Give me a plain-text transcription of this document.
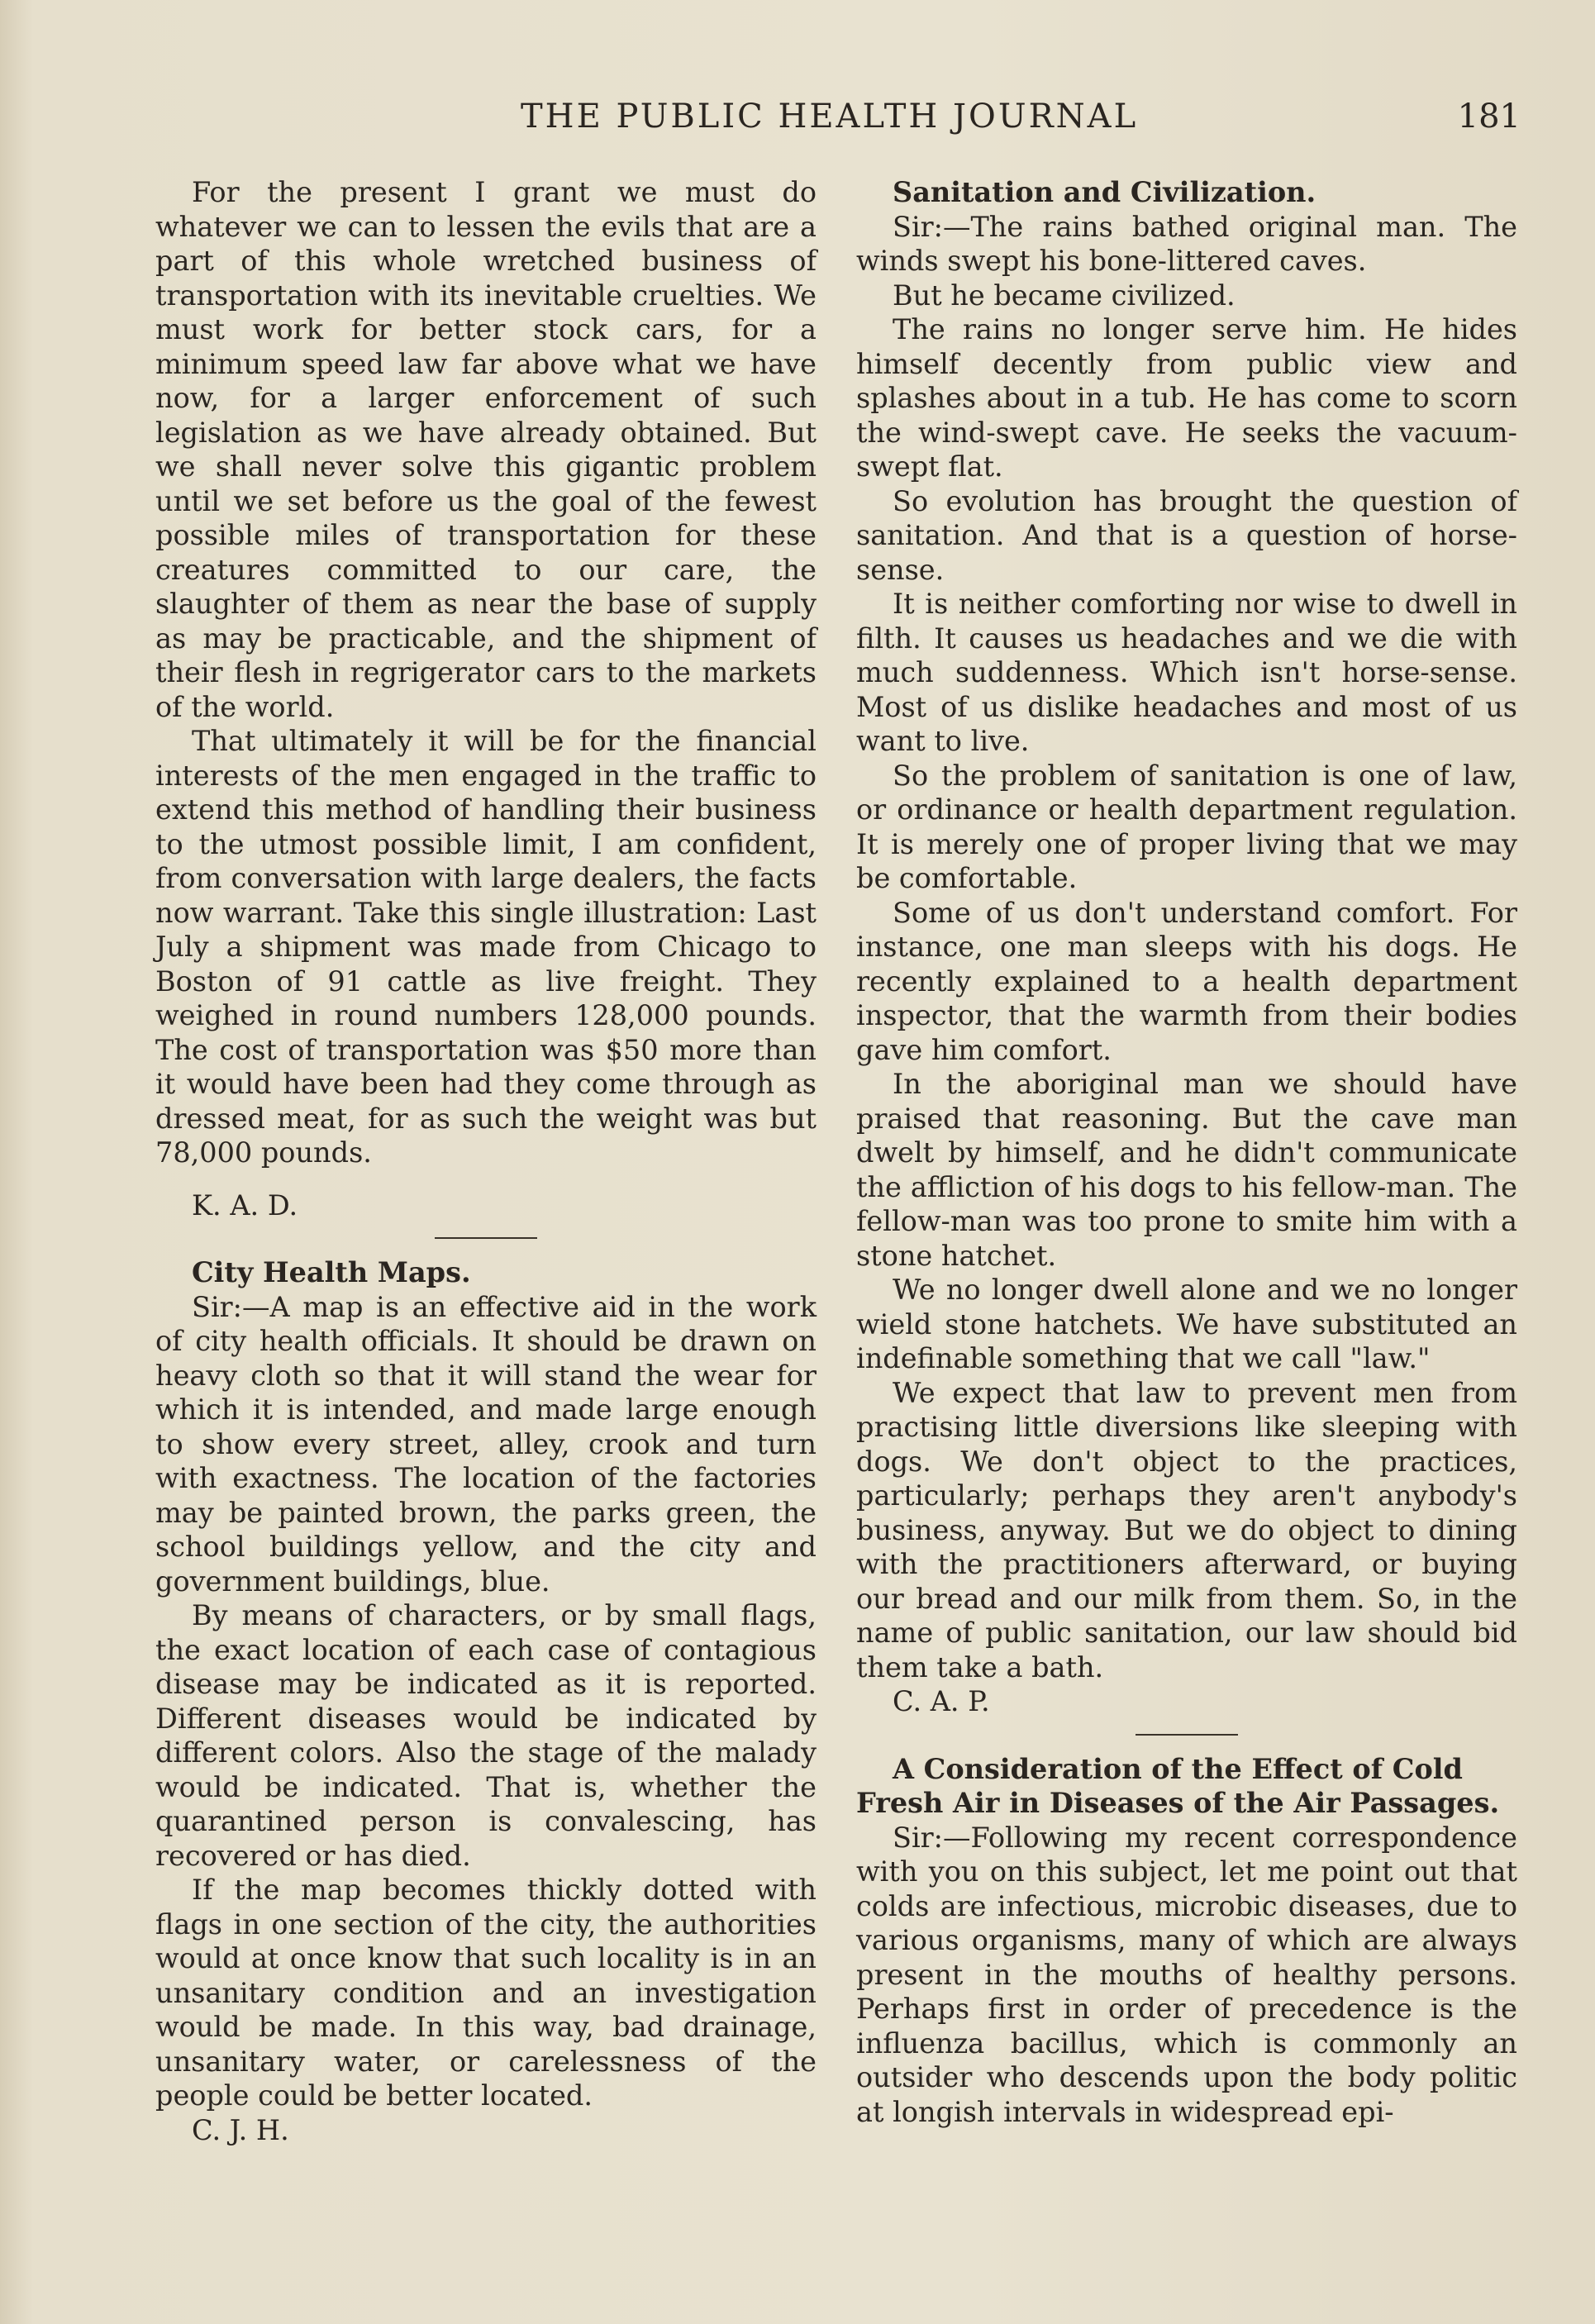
THE PUBLIC HEALTH JOURNAL	181

For the present I grant we must do whatever we can to lessen the evils that are a part of this whole wretched business of transportation with its inevitable cruelties. We must work for better stock cars, for a minimum speed law far above what we have now, for a larger enforcement of such legislation as we have already obtained. But we shall never solve this gigantic problem until we set before us the goal of the fewest possible miles of transportation for these creatures committed to our care, the slaughter of them as near the base of supply as may be practicable, and the shipment of their flesh in regrigerator cars to the markets of the world.

That ultimately it will be for the financial interests of the men engaged in the traffic to extend this method of handling their business to the utmost possible limit, I am confident, from conversation with large dealers, the facts now warrant. Take this single illustration: Last July a shipment was made from Chicago to Boston of 91 cattle as live freight. They weighed in round numbers 128,000 pounds. The cost of transportation was $50 more than it would have been had they come through as dressed meat, for as such the weight was but 78,000 pounds.

K. A. D.

City Health Maps.

Sir:—A map is an effective aid in the work of city health officials. It should be drawn on heavy cloth so that it will stand the wear for which it is intended, and made large enough to show every street, alley, crook and turn with exactness. The location of the factories may be painted brown, the parks green, the school buildings yellow, and the city and government buildings, blue.

By means of characters, or by small flags, the exact location of each case of contagious disease may be indicated as it is reported. Different diseases would be indicated by different colors. Also the stage of the malady would be indicated. That is, whether the quarantined person is convalescing, has recovered or has died.

If the map becomes thickly dotted with flags in one section of the city, the authorities would at once know that such locality is in an unsanitary condition and an investigation would be made. In this way, bad drainage, unsanitary water, or carelessness of the people could be better located.

C. J. H.

Sanitation and Civilization.

Sir:—The rains bathed original man. The winds swept his bone-littered caves.

But he became civilized.

The rains no longer serve him. He hides himself decently from public view and splashes about in a tub. He has come to scorn the wind-swept cave. He seeks the vacuum-swept flat.

So evolution has brought the question of sanitation. And that is a question of horse-sense.

It is neither comforting nor wise to dwell in filth. It causes us headaches and we die with much suddenness. Which isn't horse-sense. Most of us dislike headaches and most of us want to live.

So the problem of sanitation is one of law, or ordinance or health department regulation. It is merely one of proper living that we may be comfortable.

Some of us don't understand comfort. For instance, one man sleeps with his dogs. He recently explained to a health department inspector, that the warmth from their bodies gave him comfort.

In the aboriginal man we should have praised that reasoning. But the cave man dwelt by himself, and he didn't communicate the affliction of his dogs to his fellow-man. The fellow-man was too prone to smite him with a stone hatchet.

We no longer dwell alone and we no longer wield stone hatchets. We have substituted an indefinable something that we call "law."

We expect that law to prevent men from practising little diversions like sleeping with dogs. We don't object to the practices, particularly; perhaps they aren't anybody's business, anyway. But we do object to dining with the practitioners afterward, or buying our bread and our milk from them. So, in the name of public sanitation, our law should bid them take a bath.

C. A. P.

A Consideration of the Effect of Cold Fresh Air in Diseases of the Air Passages.

Sir:—Following my recent correspondence with you on this subject, let me point out that colds are infectious, microbic diseases, due to various organisms, many of which are always present in the mouths of healthy persons. Perhaps first in order of precedence is the influenza bacillus, which is commonly an outsider who descends upon the body politic at longish intervals in widespread epi-
